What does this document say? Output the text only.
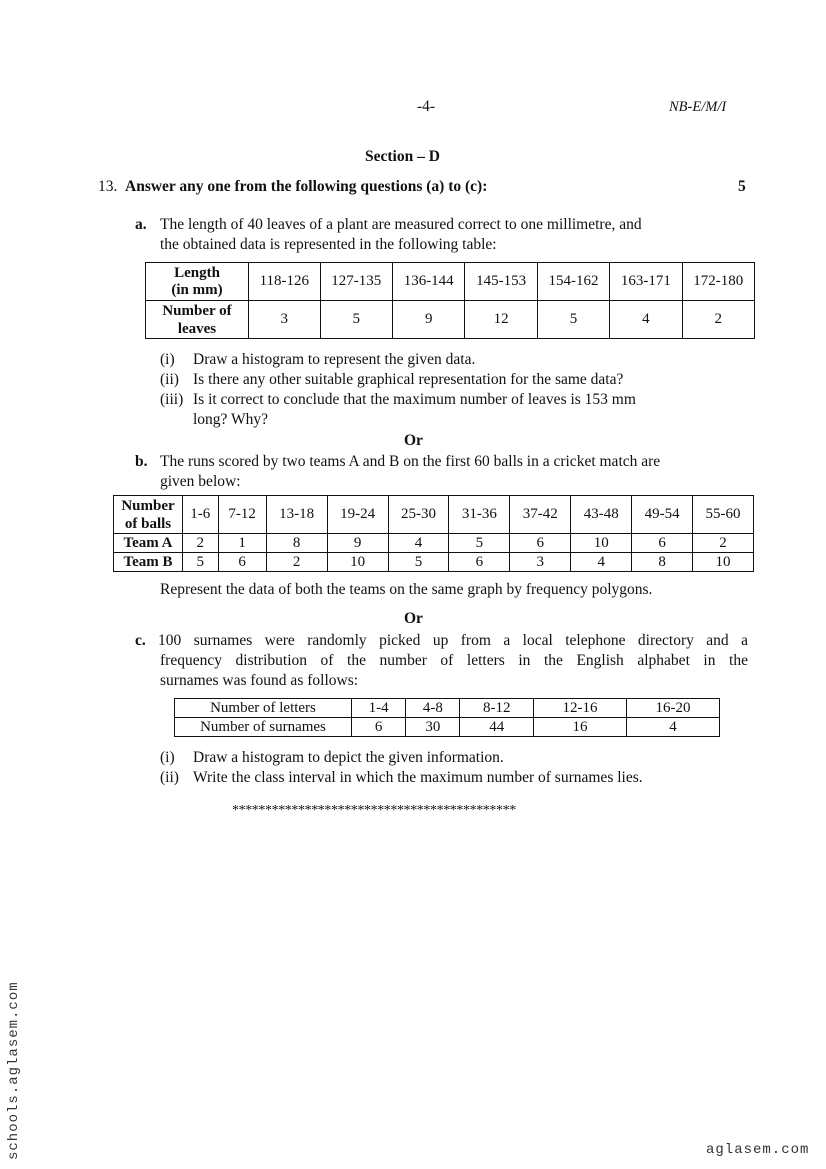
-4-	NB-E/M/I
Section – D
13. Answer any one from the following questions (a) to (c):	5
a. The length of 40 leaves of a plant are measured correct to one millimetre, and
the obtained data is represented in the following table:
Length
(in mm)	118-126	127-135	136-144	145-153	154-162	163-171	172-180
Number of
leaves	3	5	9	12	5	4	2
(i) Draw a histogram to represent the given data.
(ii) Is there any other suitable graphical representation for the same data?
(iii) Is it correct to conclude that the maximum number of leaves is 153 mm
long? Why?
Or
b. The runs scored by two teams A and B on the first 60 balls in a cricket match are
given below:
Number
of balls	1-6	7-12	13-18	19-24	25-30	31-36	37-42	43-48	49-54	55-60
Team A	2	1	8	9	4	5	6	10	6	2
Team B	5	6	2	10	5	6	3	4	8	10
Represent the data of both the teams on the same graph by frequency polygons.
Or
c. 100 surnames were randomly picked up from a local telephone directory and a
frequency distribution of the number of letters in the English alphabet in the
surnames was found as follows:
Number of letters	1-4	4-8	8-12	12-16	16-20
Number of surnames	6	30	44	16	4
(i) Draw a histogram to depict the given information.
(ii) Write the class interval in which the maximum number of surnames lies.
*******************************************
schools.aglasem.com	aglasem.com
